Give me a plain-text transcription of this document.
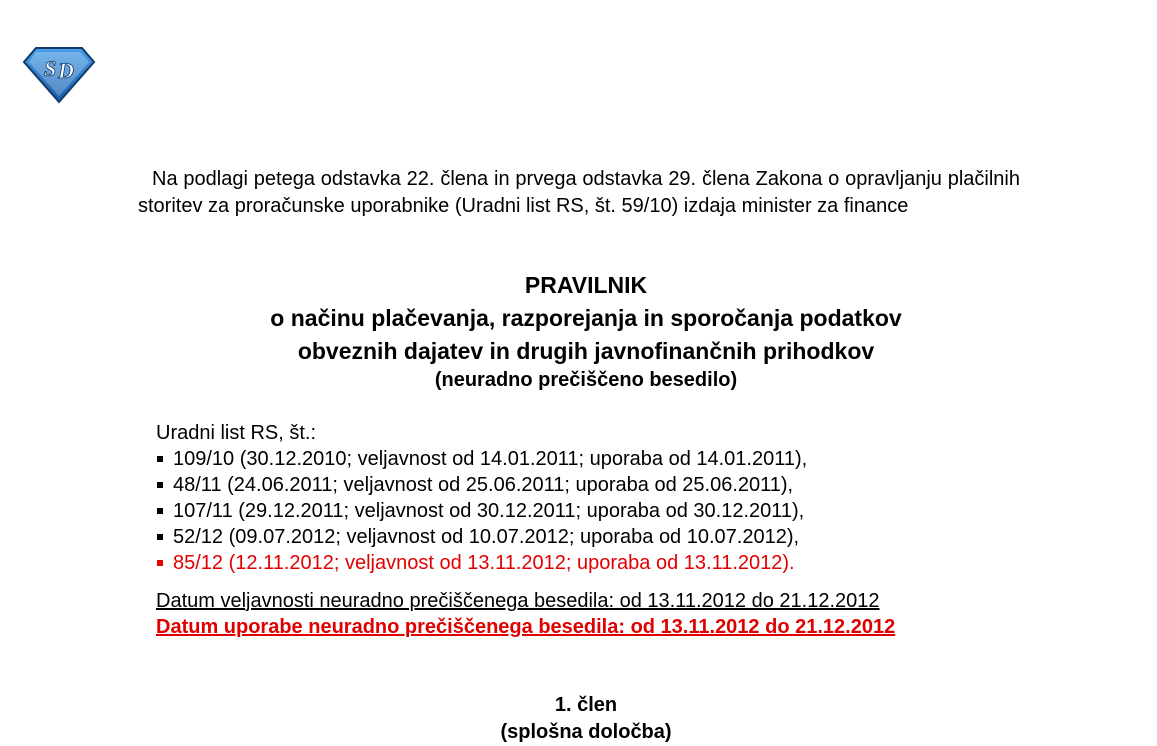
S D
Na podlagi petega odstavka 22. člena in prvega odstavka 29. člena Zakona o opravljanju plačilnih storitev za proračunske uporabnike (Uradni list RS, št. 59/10) izdaja minister za finance
PRAVILNIK
o načinu plačevanja, razporejanja in sporočanja podatkov
obveznih dajatev in drugih javnofinančnih prihodkov
(neuradno prečiščeno besedilo)
Uradni list RS, št.:
109/10 (30.12.2010; veljavnost od 14.01.2011; uporaba od 14.01.2011),
48/11 (24.06.2011; veljavnost od 25.06.2011; uporaba od 25.06.2011),
107/11 (29.12.2011; veljavnost od 30.12.2011; uporaba od 30.12.2011),
52/12 (09.07.2012; veljavnost od 10.07.2012; uporaba od 10.07.2012),
85/12 (12.11.2012; veljavnost od 13.11.2012; uporaba od 13.11.2012).
Datum veljavnosti neuradno prečiščenega besedila: od 13.11.2012 do 21.12.2012
Datum uporabe neuradno prečiščenega besedila: od 13.11.2012 do 21.12.2012
1. člen
(splošna določba)
